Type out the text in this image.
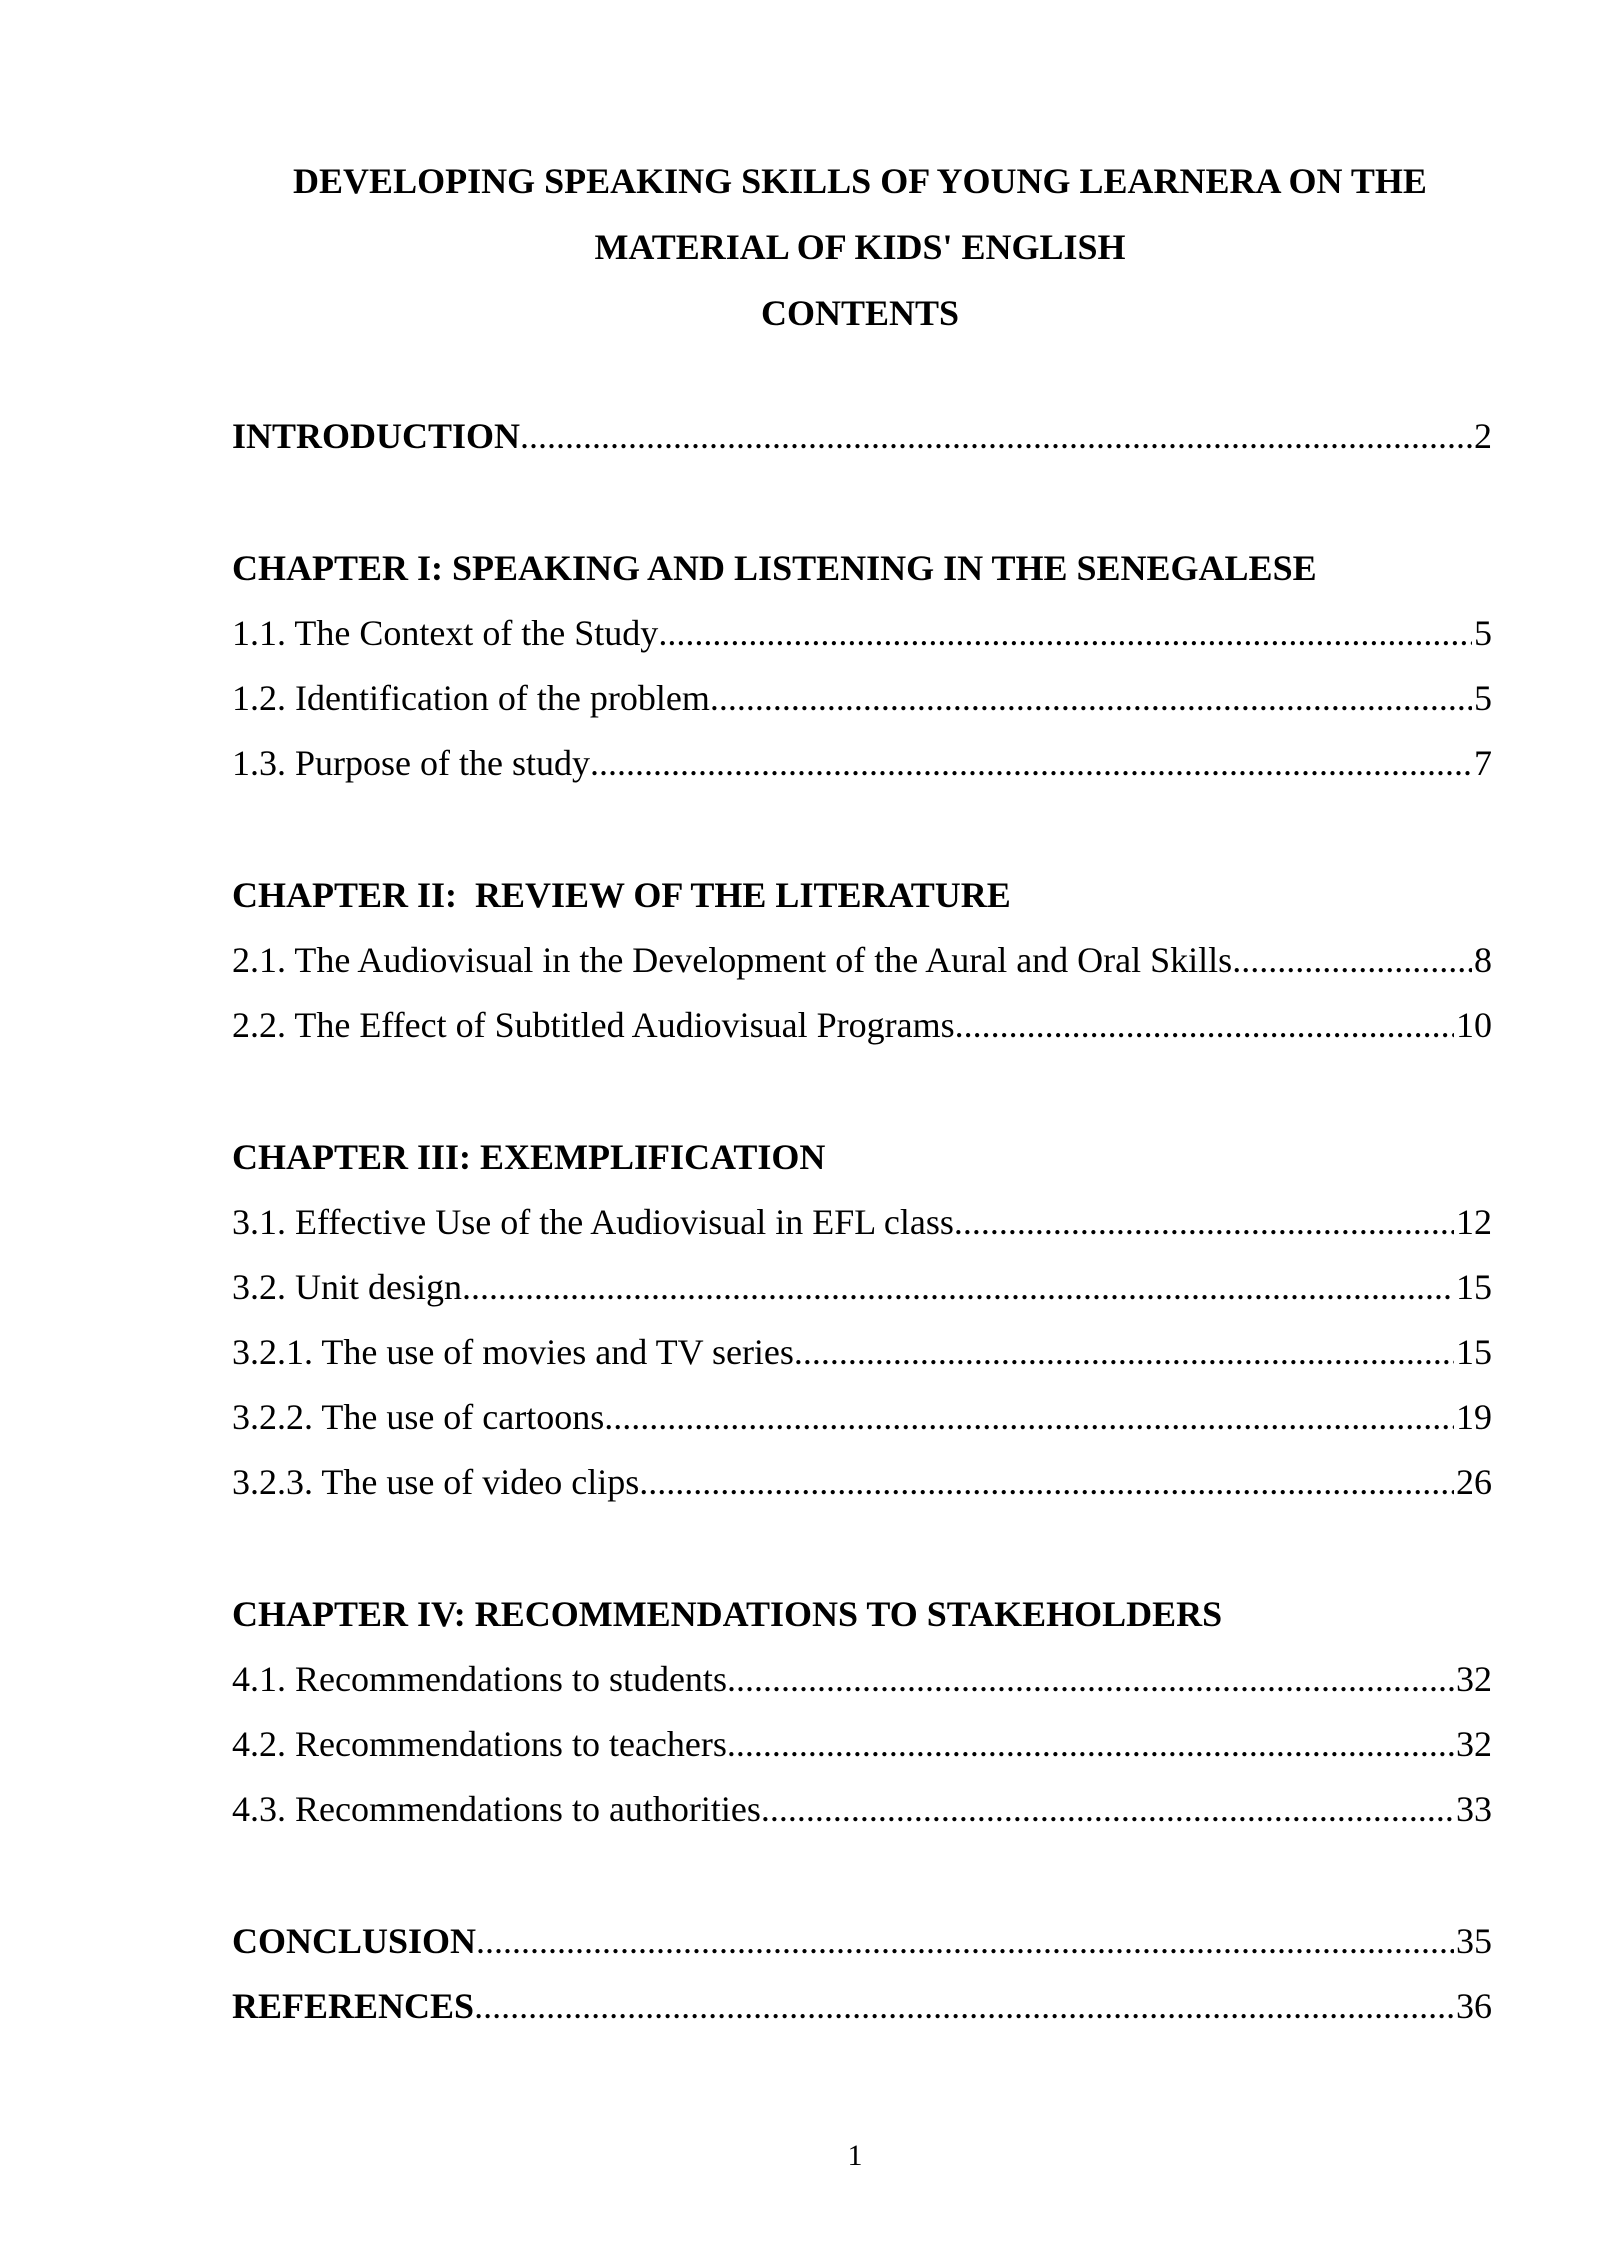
DEVELOPING SPEAKING SKILLS OF YOUNG LEARNERA ON THE
MATERIAL OF KIDS' ENGLISH
CONTENTS
INTRODUCTION .....	2
CHAPTER I: SPEAKING AND LISTENING IN THE SENEGALESE
1.1. The Context of the Study .....	5
1.2. Identification of the problem .....	5
1.3. Purpose of the study .....	7
CHAPTER II:  REVIEW OF THE LITERATURE
2.1. The Audiovisual in the Development of the Aural and Oral Skills .....	8
2.2. The Effect of Subtitled Audiovisual Programs .....	10
CHAPTER III: EXEMPLIFICATION
3.1. Effective Use of the Audiovisual in EFL class .....	12
3.2. Unit design .....	15
3.2.1. The use of movies and TV series .....	15
3.2.2. The use of cartoons .....	19
3.2.3. The use of video clips .....	26
CHAPTER IV: RECOMMENDATIONS TO STAKEHOLDERS
4.1. Recommendations to students .....	32
4.2. Recommendations to teachers .....	32
4.3. Recommendations to authorities .....	33
CONCLUSION .....	35
REFERENCES .....	36
1
